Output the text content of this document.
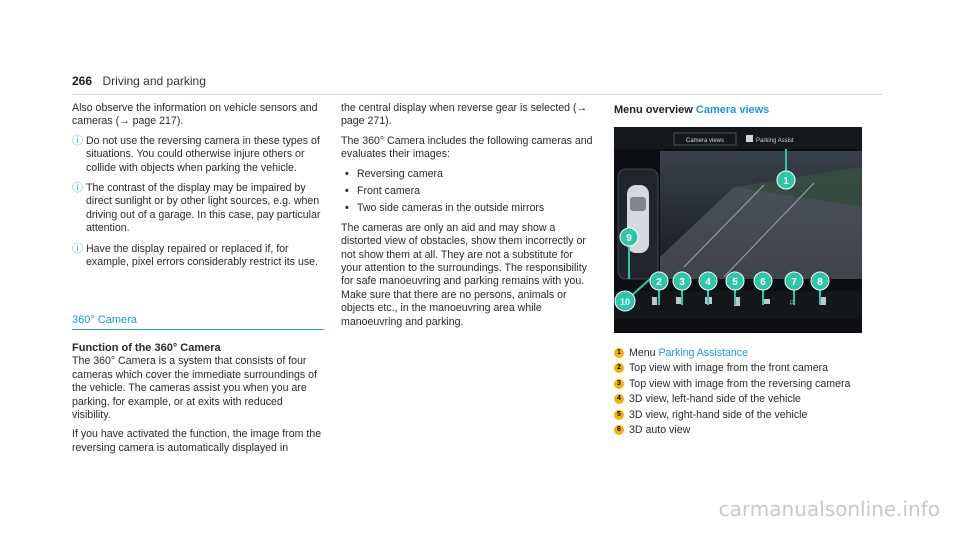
266 Driving and parking

Also observe the information on vehicle sensors and cameras (→ page 217).

ⓘ Do not use the reversing camera in these types of situations. You could otherwise injure others or collide with objects when parking the vehicle.
ⓘ The contrast of the display may be impaired by direct sunlight or by other light sources, e.g. when driving out of a garage. In this case, pay particular attention.
ⓘ Have the display repaired or replaced if, for example, pixel errors considerably restrict its use.
360° Camera
Function of the 360° Camera

The 360° Camera is a system that consists of four cameras which cover the immediate surroundings of the vehicle. The cameras assist you when you are parking, for example, or at exits with reduced visibility.

If you have activated the function, the image from the reversing camera is automatically displayed in

the central display when reverse gear is selected (→ page 271).

The 360° Camera includes the following cameras and evaluates their images:

• Reversing camera
• Front camera
• Two side cameras in the outside mirrors

The cameras are only an aid and may show a distorted view of obstacles, show them incorrectly or not show them at all. They are not a substitute for your attention to the surroundings. The responsibility for safe manoeuvring and parking remains with you. Make sure that there are no persons, animals or objects etc., in the manoeuvring area while manoeuvring and parking.

Menu overview Camera views
Camera views	Parking Assist
P
1
2 3 4 5 6	7 8
9
10
1 Menu Parking Assistance
2 Top view with image from the front camera
3 Top view with image from the reversing camera
4 3D view, left-hand side of the vehicle
5 3D view, right-hand side of the vehicle
6 3D auto view
carmanualsonline.info
